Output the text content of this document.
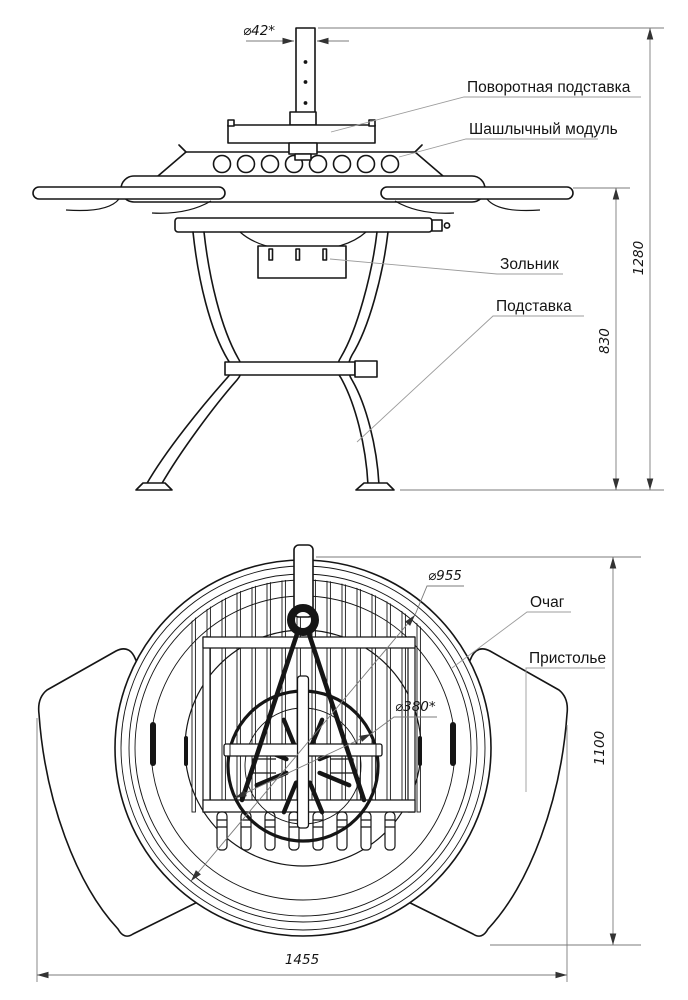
1280
830
⌀42*
Поворотная подставка
Шашлычный модуль
Зольник
Подставка
⌀955
⌀380*
1100
1455
Очаг
Пристолье
